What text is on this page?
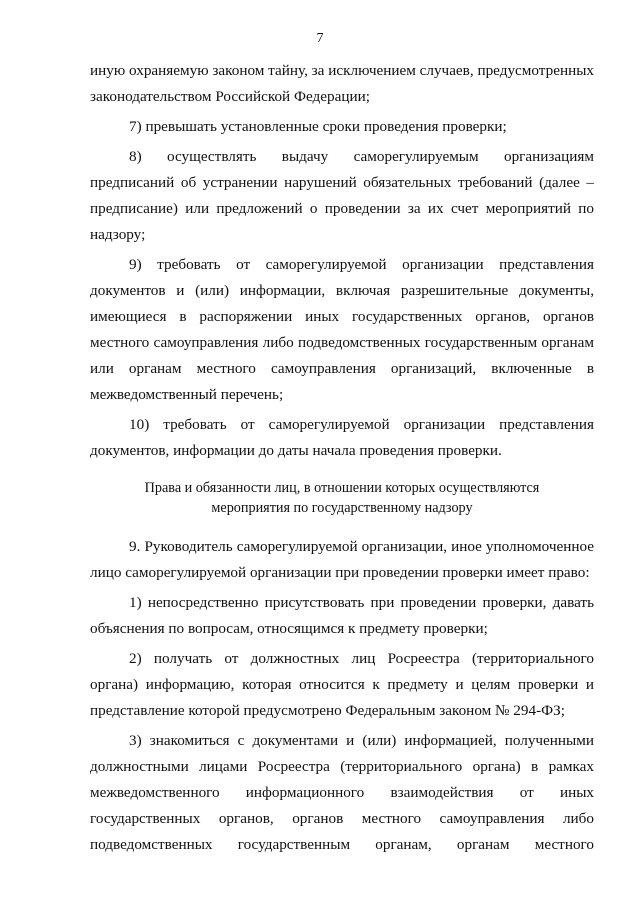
7

иную охраняемую законом тайну, за исключением случаев, предусмотренных законодательством Российской Федерации;

7) превышать установленные сроки проведения проверки;

8) осуществлять выдачу саморегулируемым организациям предписаний об устранении нарушений обязательных требований (далее – предписание) или предложений о проведении за их счет мероприятий по надзору;

9) требовать от саморегулируемой организации представления документов и (или) информации, включая разрешительные документы, имеющиеся в распоряжении иных государственных органов, органов местного самоуправления либо подведомственных государственным органам или органам местного самоуправления организаций, включенные в межведомственный перечень;

10) требовать от саморегулируемой организации представления документов, информации до даты начала проведения проверки.

Права и обязанности лиц, в отношении которых осуществляются
мероприятия по государственному надзору

9. Руководитель саморегулируемой организации, иное уполномоченное лицо саморегулируемой организации при проведении проверки имеет право:

1) непосредственно присутствовать при проведении проверки, давать объяснения по вопросам, относящимся к предмету проверки;

2) получать от должностных лиц Росреестра (территориального органа) информацию, которая относится к предмету и целям проверки и представление которой предусмотрено Федеральным законом № 294-ФЗ;

3) знакомиться с документами и (или) информацией, полученными должностными лицами Росреестра (территориального органа) в рамках межведомственного информационного взаимодействия от иных государственных органов, органов местного самоуправления либо подведомственных государственным органам, органам местного
